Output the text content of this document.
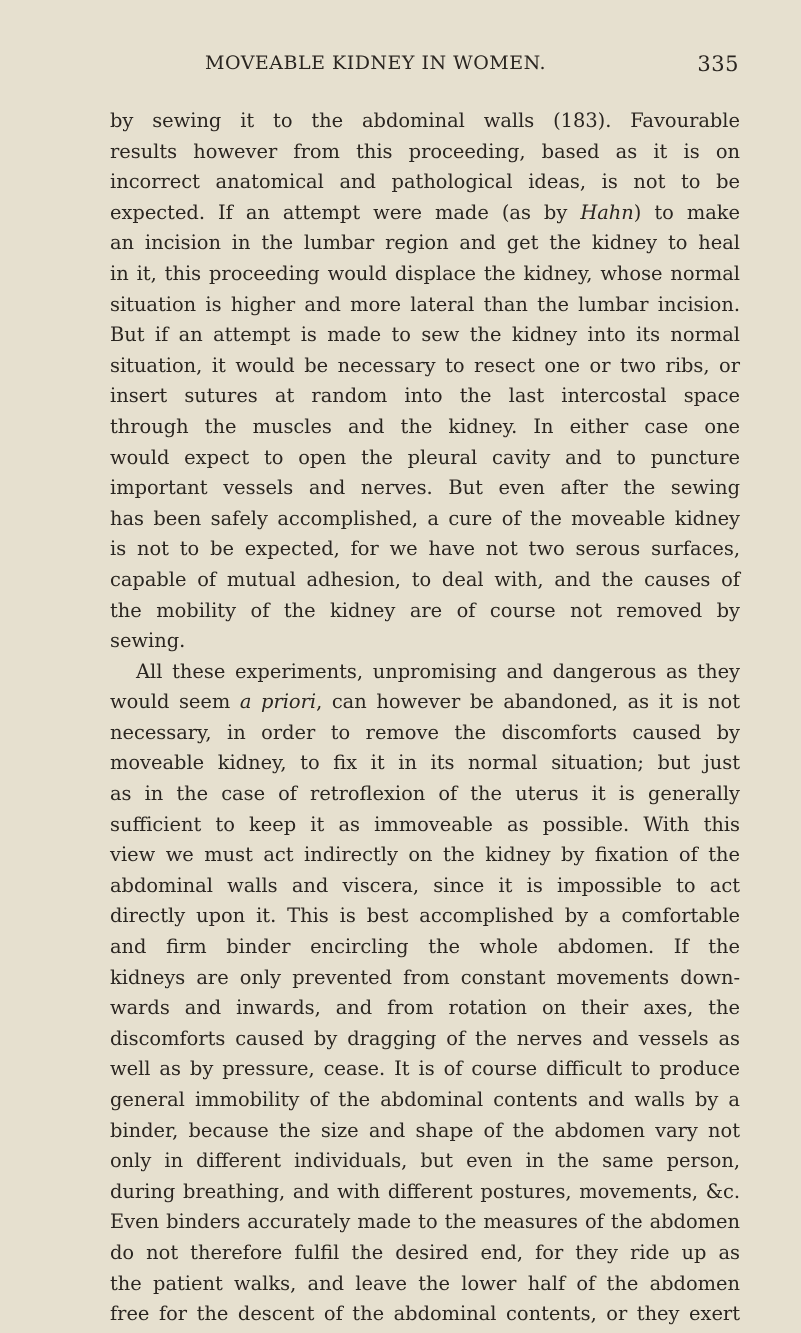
MOVEABLE KIDNEY IN WOMEN.	335
by sewing it to the abdominal walls (183). Favourable
results however from this proceeding, based as it is on
incorrect anatomical and pathological ideas, is not to be
expected. If an attempt were made (as by Hahn) to make
an incision in the lumbar region and get the kidney to heal
in it, this proceeding would displace the kidney, whose normal
situation is higher and more lateral than the lumbar incision.
But if an attempt is made to sew the kidney into its normal
situation, it would be necessary to resect one or two ribs, or
insert sutures at random into the last intercostal space
through the muscles and the kidney. In either case one
would expect to open the pleural cavity and to puncture
important vessels and nerves. But even after the sewing
has been safely accomplished, a cure of the moveable kidney
is not to be expected, for we have not two serous surfaces,
capable of mutual adhesion, to deal with, and the causes of
the mobility of the kidney are of course not removed by
sewing.
All these experiments, unpromising and dangerous as they
would seem a priori, can however be abandoned, as it is not
necessary, in order to remove the discomforts caused by
moveable kidney, to fix it in its normal situation; but just
as in the case of retroflexion of the uterus it is generally
sufficient to keep it as immoveable as possible. With this
view we must act indirectly on the kidney by fixation of the
abdominal walls and viscera, since it is impossible to act
directly upon it. This is best accomplished by a comfortable
and firm binder encircling the whole abdomen. If the
kidneys are only prevented from constant movements down-
wards and inwards, and from rotation on their axes, the
discomforts caused by dragging of the nerves and vessels as
well as by pressure, cease. It is of course difficult to produce
general immobility of the abdominal contents and walls by a
binder, because the size and shape of the abdomen vary not
only in different individuals, but even in the same person,
during breathing, and with different postures, movements, &c.
Even binders accurately made to the measures of the abdomen
do not therefore fulfil the desired end, for they ride up as
the patient walks, and leave the lower half of the abdomen
free for the descent of the abdominal contents, or they exert
